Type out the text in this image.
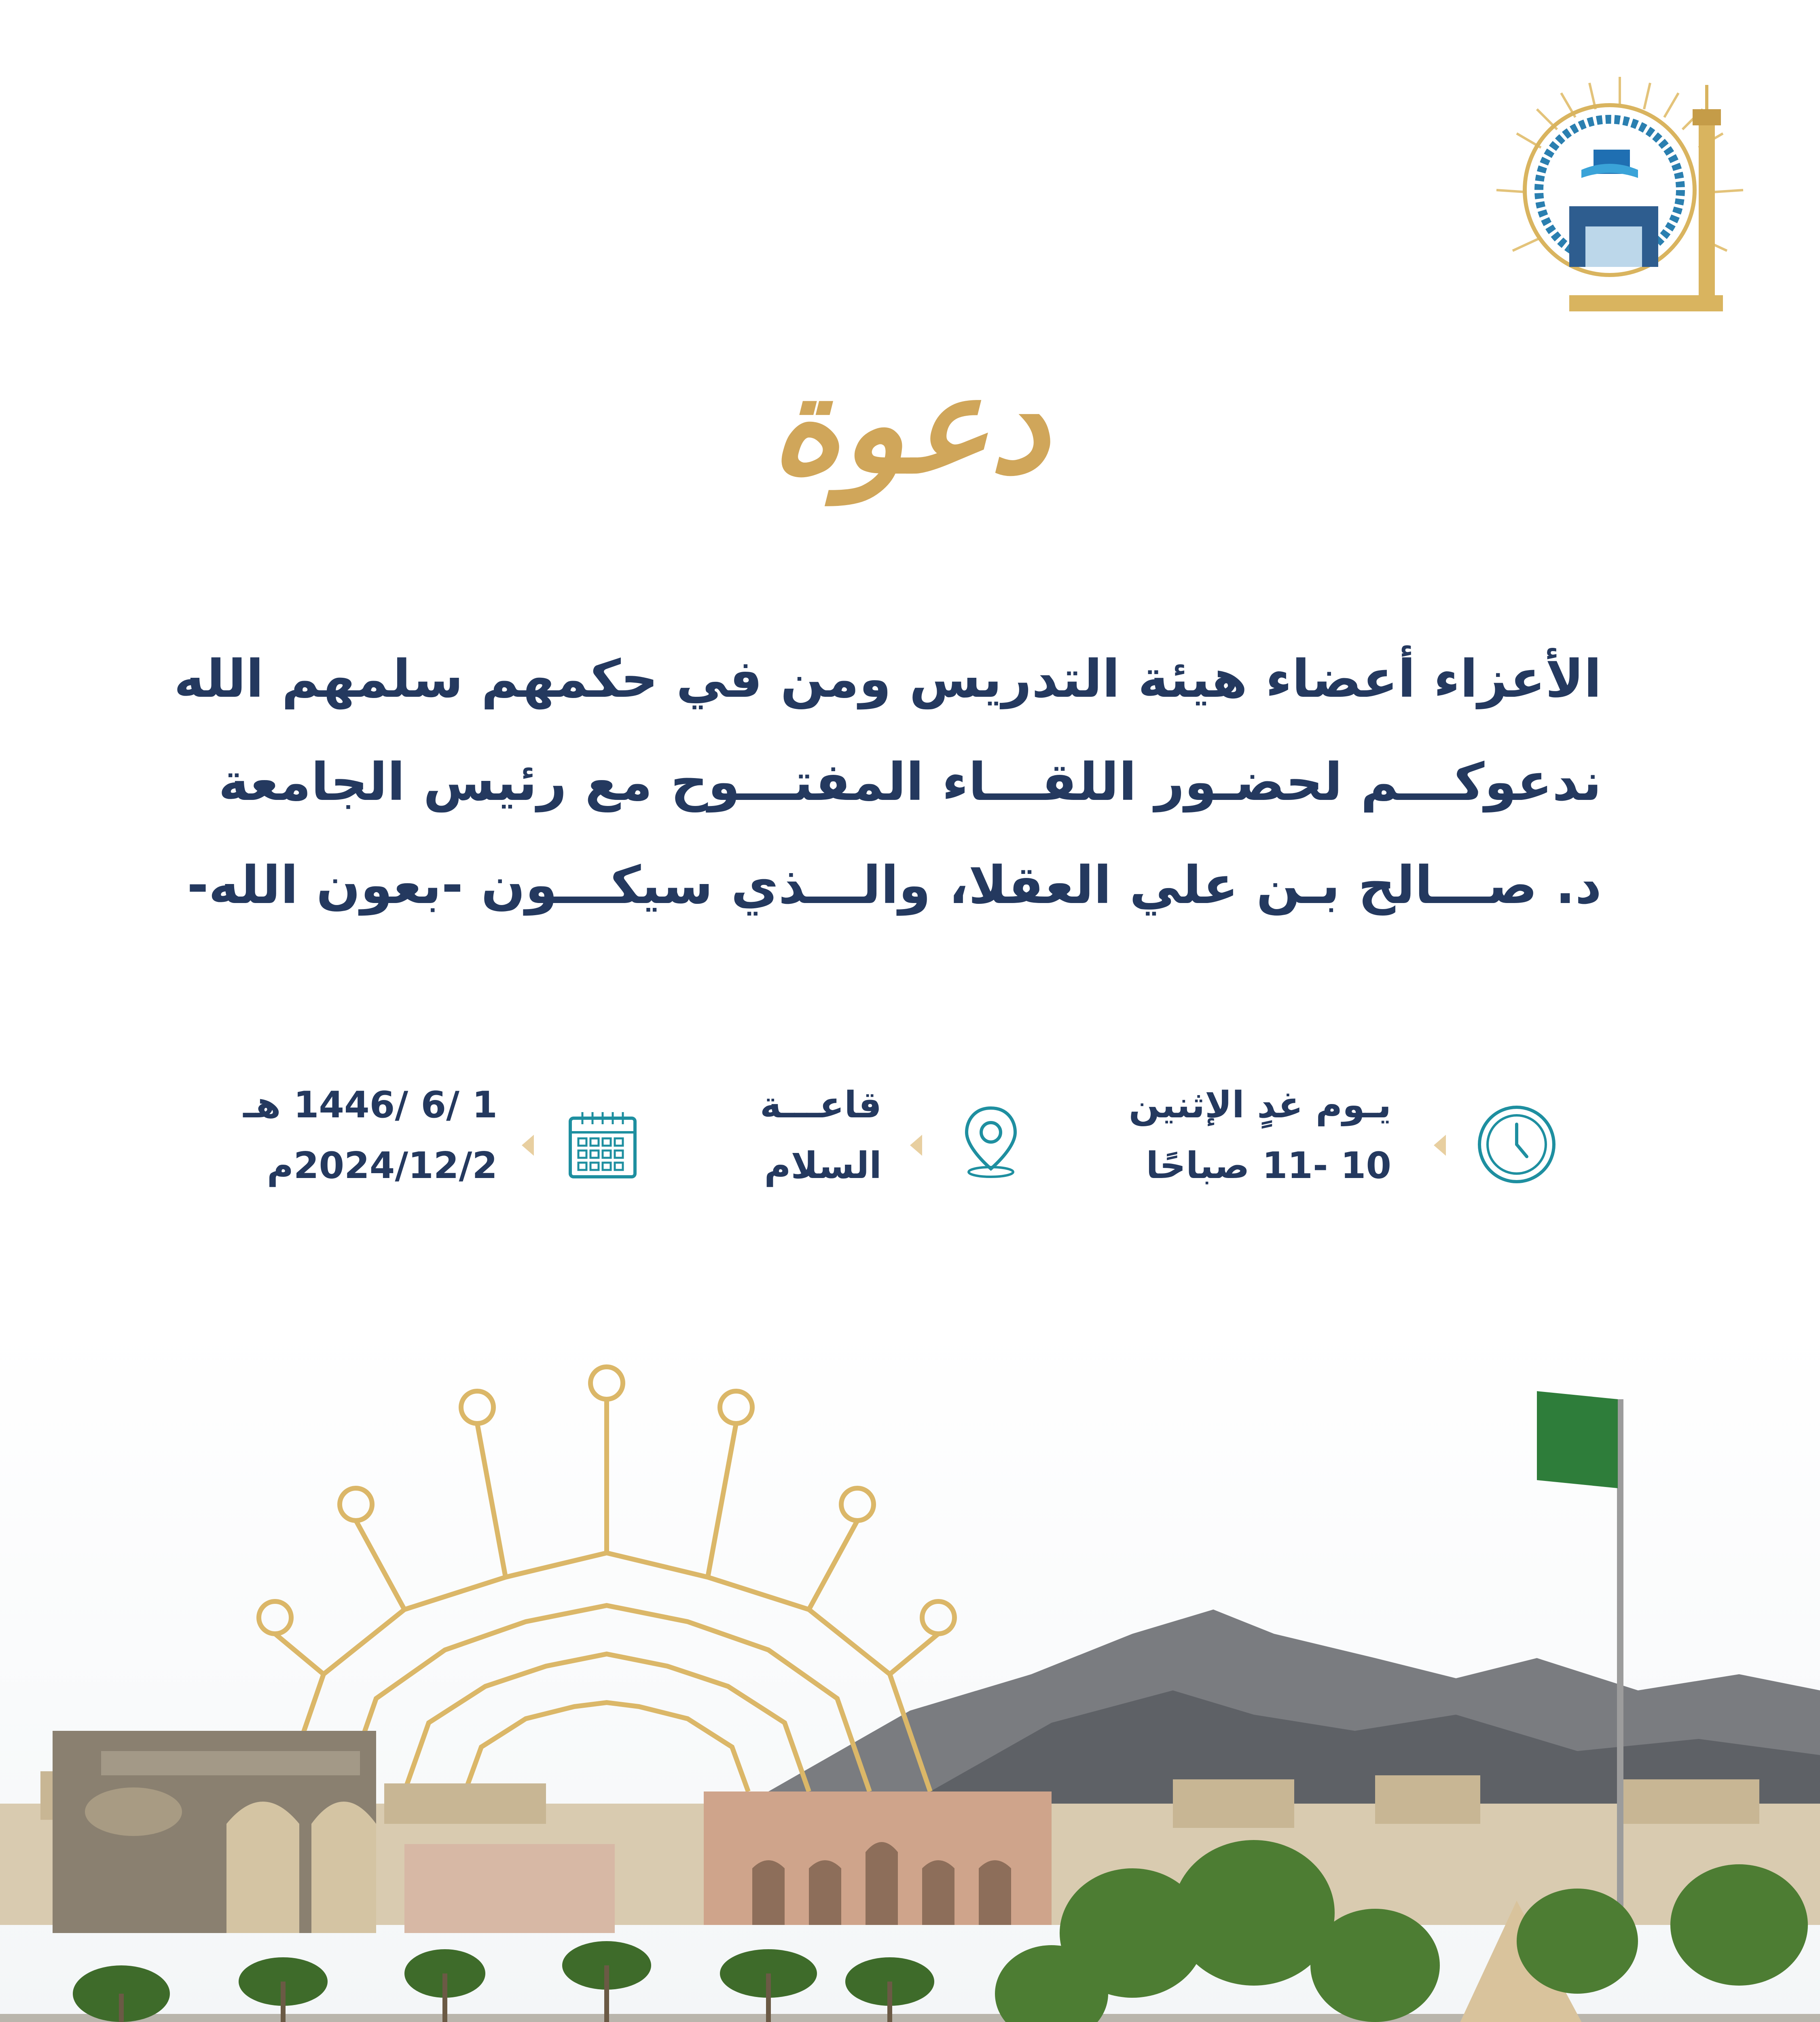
دعوة
الأعزاء أعضاء هيئة التدريس ومن في حكمهم سلمهم الله
ندعوكـــم لحضـور اللقـــاء المفتـــوح مع رئيس الجامعة
د. صـــالح بـن علي العقلا، والـــذي سيكـــون -بعون الله-
يـوم غدٍ الإثنين
10 -11 صباحًا
قاعـــة
السلام
1 /6 /1446 هـ
2024/12/2م
